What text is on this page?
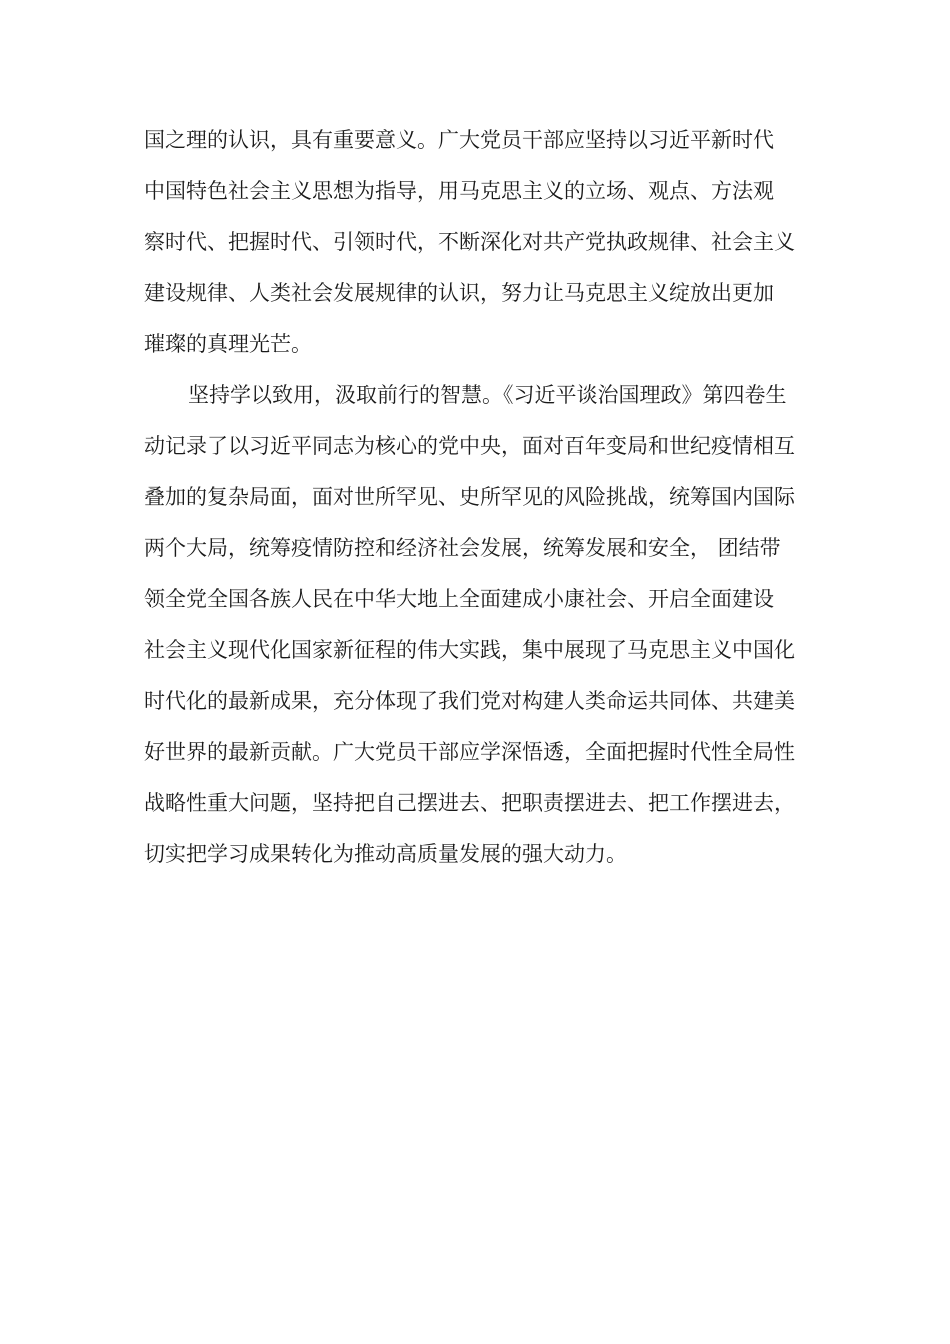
国之理的认识，具有重要意义。广大党员干部应坚持以习近平新时代
中国特色社会主义思想为指导，用马克思主义的立场、观点、方法观
察时代、把握时代、引领时代，不断深化对共产党执政规律、社会主义
建设规律、人类社会发展规律的认识，努力让马克思主义绽放出更加
璀璨的真理光芒。
坚持学以致用，汲取前行的智慧。《习近平谈治国理政》第四卷生
动记录了以习近平同志为核心的党中央，面对百年变局和世纪疫情相互
叠加的复杂局面，面对世所罕见、史所罕见的风险挑战，统筹国内国际
两个大局，统筹疫情防控和经济社会发展，统筹发展和安全， 团结带
领全党全国各族人民在中华大地上全面建成小康社会、开启全面建设
社会主义现代化国家新征程的伟大实践，集中展现了马克思主义中国化
时代化的最新成果，充分体现了我们党对构建人类命运共同体、共建美
好世界的最新贡献。广大党员干部应学深悟透，全面把握时代性全局性
战略性重大问题，坚持把自己摆进去、把职责摆进去、把工作摆进去，
切实把学习成果转化为推动高质量发展的强大动力。
